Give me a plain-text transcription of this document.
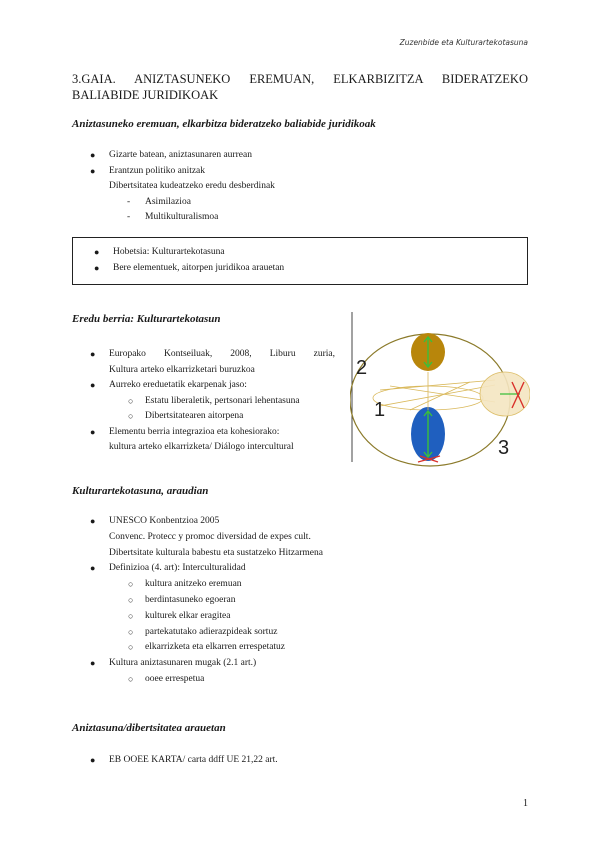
Zuzenbide eta Kulturartekotasuna
3.GAIA. ANIZTASUNEKO EREMUAN, ELKARBIZITZA BIDERATZEKO
BALIABIDE JURIDIKOAK
Aniztasuneko eremuan, elkarbitza bideratzeko baliabide juridikoak
● Gizarte batean, aniztasunaren aurrean
● Erantzun politiko anitzak
Dibertsitatea kudeatzeko eredu desberdinak
- Asimilazioa
- Multikulturalismoa
● Hobetsia: Kulturartekotasuna
● Bere elementuek, aitorpen juridikoa arauetan
Eredu berria: Kulturartekotasun
● Europako Kontseiluak, 2008, Liburu zuria,
Kultura arteko elkarrizketari buruzkoa
● Aurreko ereduetatik ekarpenak jaso:
○ Estatu liberaletik, pertsonari lehentasuna
○ Dibertsitatearen aitorpena
● Elementu berria integrazioa eta kohesiorako:
kultura arteko elkarrizketa/ Diálogo intercultural
2
1
3
Kulturartekotasuna, araudian
● UNESCO Konbentzioa 2005
Convenc. Protecc y promoc diversidad de expes cult.
Dibertsitate kulturala babestu eta sustatzeko Hitzarmena
● Definizioa (4. art): Interculturalidad
○ kultura anitzeko eremuan
○ berdintasuneko egoeran
○ kulturek elkar eragitea
○ partekatutako adierazpideak sortuz
○ elkarrizketa eta elkarren errespetatuz
● Kultura aniztasunaren mugak (2.1 art.)
○ ooee errespetua
Aniztasuna/dibertsitatea arauetan
● EB OOEE KARTA/ carta ddff UE 21,22 art.
1
